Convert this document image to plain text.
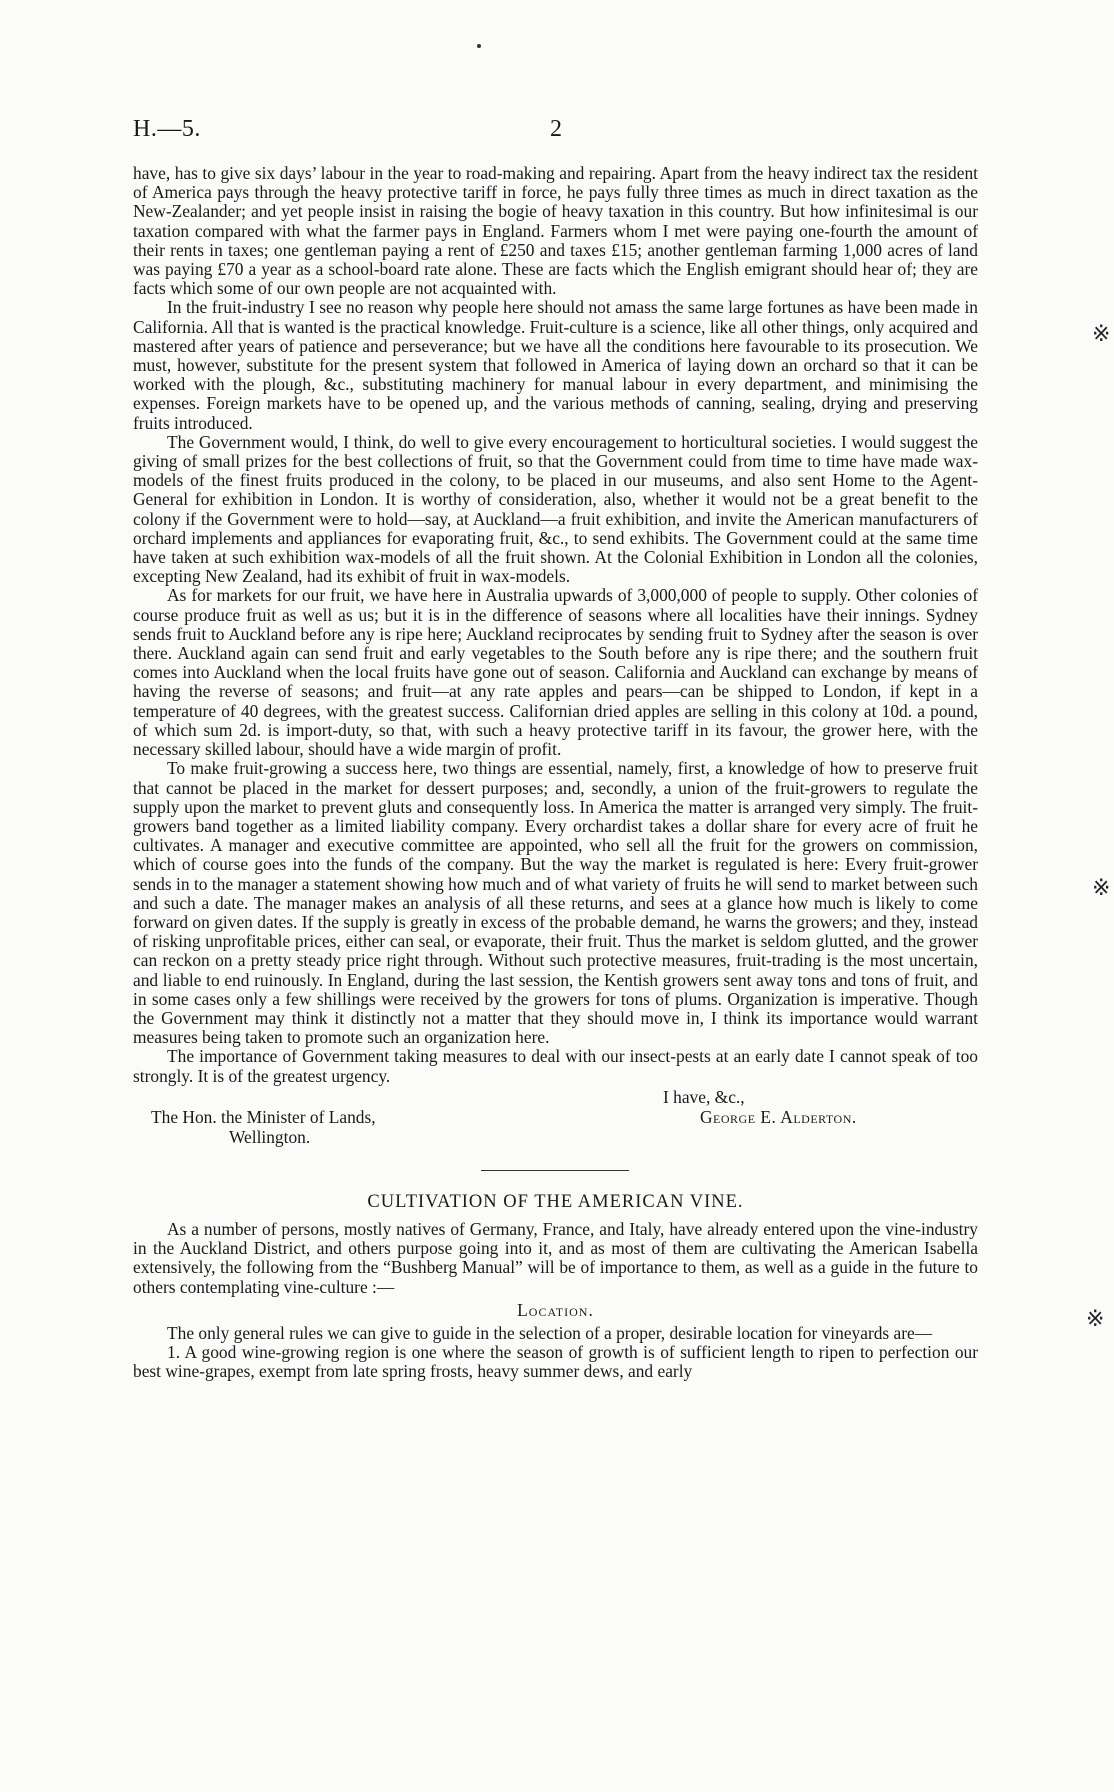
H.—5.	2

have, has to give six days’ labour in the year to road-making and repairing. Apart from the heavy indirect tax the resident of America pays through the heavy protective tariff in force, he pays fully three times as much in direct taxation as the New-Zealander; and yet people insist in raising the bogie of heavy taxation in this country. But how infinitesimal is our taxation compared with what the farmer pays in England. Farmers whom I met were paying one-fourth the amount of their rents in taxes; one gentleman paying a rent of £250 and taxes £15; another gentleman farming 1,000 acres of land was paying £70 a year as a school-board rate alone. These are facts which the English emigrant should hear of; they are facts which some of our own people are not acquainted with.

In the fruit-industry I see no reason why people here should not amass the same large fortunes as have been made in California. All that is wanted is the practical knowledge. Fruit-culture is a science, like all other things, only acquired and mastered after years of patience and perseverance; but we have all the conditions here favourable to its prosecution. We must, however, substitute for the present system that followed in America of laying down an orchard so that it can be worked with the plough, &c., substituting machinery for manual labour in every department, and minimising the expenses. Foreign markets have to be opened up, and the various methods of canning, sealing, drying and preserving fruits introduced.

The Government would, I think, do well to give every encouragement to horticultural societies. I would suggest the giving of small prizes for the best collections of fruit, so that the Government could from time to time have made wax-models of the finest fruits produced in the colony, to be placed in our museums, and also sent Home to the Agent-General for exhibition in London. It is worthy of consideration, also, whether it would not be a great benefit to the colony if the Government were to hold—say, at Auckland—a fruit exhibition, and invite the American manufacturers of orchard implements and appliances for evaporating fruit, &c., to send exhibits. The Government could at the same time have taken at such exhibition wax-models of all the fruit shown. At the Colonial Exhibition in London all the colonies, excepting New Zealand, had its exhibit of fruit in wax-models.

As for markets for our fruit, we have here in Australia upwards of 3,000,000 of people to supply. Other colonies of course produce fruit as well as us; but it is in the difference of seasons where all localities have their innings. Sydney sends fruit to Auckland before any is ripe here; Auckland reciprocates by sending fruit to Sydney after the season is over there. Auckland again can send fruit and early vegetables to the South before any is ripe there; and the southern fruit comes into Auckland when the local fruits have gone out of season. California and Auckland can exchange by means of having the reverse of seasons; and fruit—at any rate apples and pears—can be shipped to London, if kept in a temperature of 40 degrees, with the greatest success. Californian dried apples are selling in this colony at 10d. a pound, of which sum 2d. is import-duty, so that, with such a heavy protective tariff in its favour, the grower here, with the necessary skilled labour, should have a wide margin of profit.

To make fruit-growing a success here, two things are essential, namely, first, a knowledge of how to preserve fruit that cannot be placed in the market for dessert purposes; and, secondly, a union of the fruit-growers to regulate the supply upon the market to prevent gluts and consequently loss. In America the matter is arranged very simply. The fruit-growers band together as a limited liability company. Every orchardist takes a dollar share for every acre of fruit he cultivates. A manager and executive committee are appointed, who sell all the fruit for the growers on commission, which of course goes into the funds of the company. But the way the market is regulated is here: Every fruit-grower sends in to the manager a statement showing how much and of what variety of fruits he will send to market between such and such a date. The manager makes an analysis of all these returns, and sees at a glance how much is likely to come forward on given dates. If the supply is greatly in excess of the probable demand, he warns the growers; and they, instead of risking unprofitable prices, either can seal, or evaporate, their fruit. Thus the market is seldom glutted, and the grower can reckon on a pretty steady price right through. Without such protective measures, fruit-trading is the most uncertain, and liable to end ruinously. In England, during the last session, the Kentish growers sent away tons and tons of fruit, and in some cases only a few shillings were received by the growers for tons of plums. Organization is imperative. Though the Government may think it distinctly not a matter that they should move in, I think its importance would warrant measures being taken to promote such an organization here.

The importance of Government taking measures to deal with our insect-pests at an early date I cannot speak of too strongly. It is of the greatest urgency.

I have, &c.,
The Hon. the Minister of Lands,	George E. Alderton.
Wellington.
CULTIVATION OF THE AMERICAN VINE.

As a number of persons, mostly natives of Germany, France, and Italy, have already entered upon the vine-industry in the Auckland District, and others purpose going into it, and as most of them are cultivating the American Isabella extensively, the following from the “Bushberg Manual” will be of importance to them, as well as a guide in the future to others contemplating vine-culture :—

Location.

The only general rules we can give to guide in the selection of a proper, desirable location for vineyards are—

1. A good wine-growing region is one where the season of growth is of sufficient length to ripen to perfection our best wine-grapes, exempt from late spring frosts, heavy summer dews, and early

※
※
※
